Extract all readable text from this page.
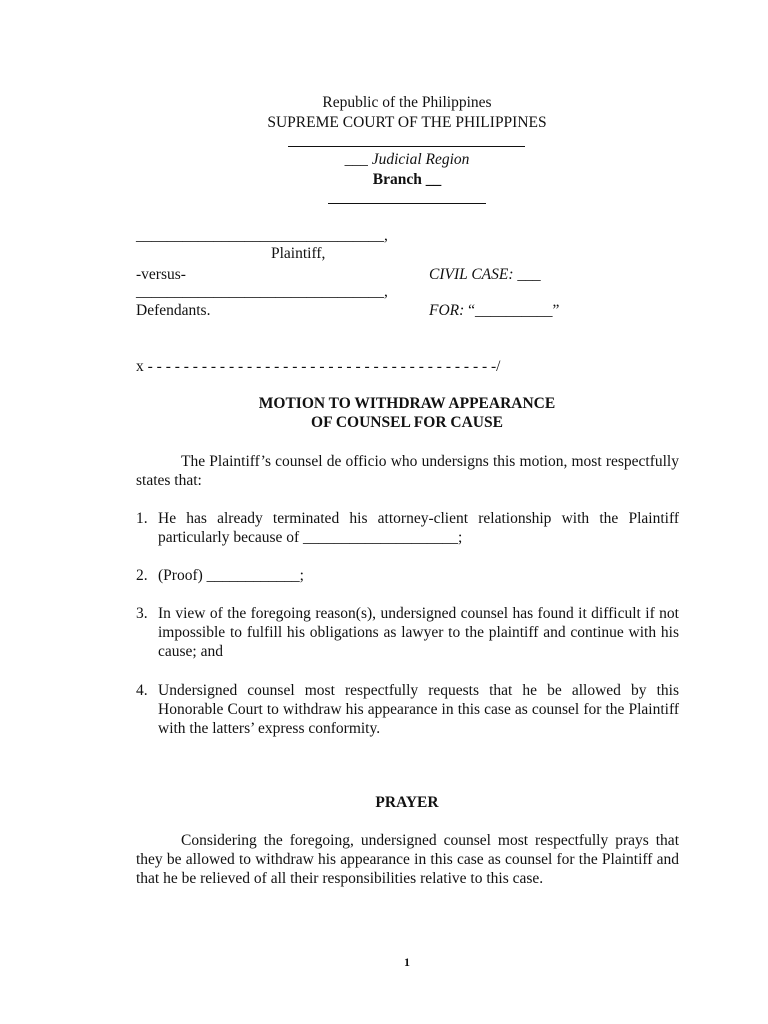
Republic of the Philippines
SUPREME COURT OF THE PHILIPPINES
___ Judicial Region
Branch __
________________________________,
Plaintiff,
-versus-	CIVIL CASE: ___
________________________________,
Defendants.	FOR: “__________”
x - - - - - - - - - - - - - - - - - - - - - - - - - - - - - - - - - - - - - - -/
MOTION TO WITHDRAW APPEARANCE
OF COUNSEL FOR CAUSE
The Plaintiff’s counsel de officio who undersigns this motion, most respectfully states that:
1. He has already terminated his attorney-client relationship with the Plaintiff particularly because of ____________________;
2. (Proof) ____________;
3. In view of the foregoing reason(s), undersigned counsel has found it difficult if not impossible to fulfill his obligations as lawyer to the plaintiff and continue with his cause; and
4. Undersigned counsel most respectfully requests that he be allowed by this Honorable Court to withdraw his appearance in this case as counsel for the Plaintiff with the latters’ express conformity.
PRAYER
Considering the foregoing, undersigned counsel most respectfully prays that they be allowed to withdraw his appearance in this case as counsel for the Plaintiff and that he be relieved of all their responsibilities relative to this case.
1
